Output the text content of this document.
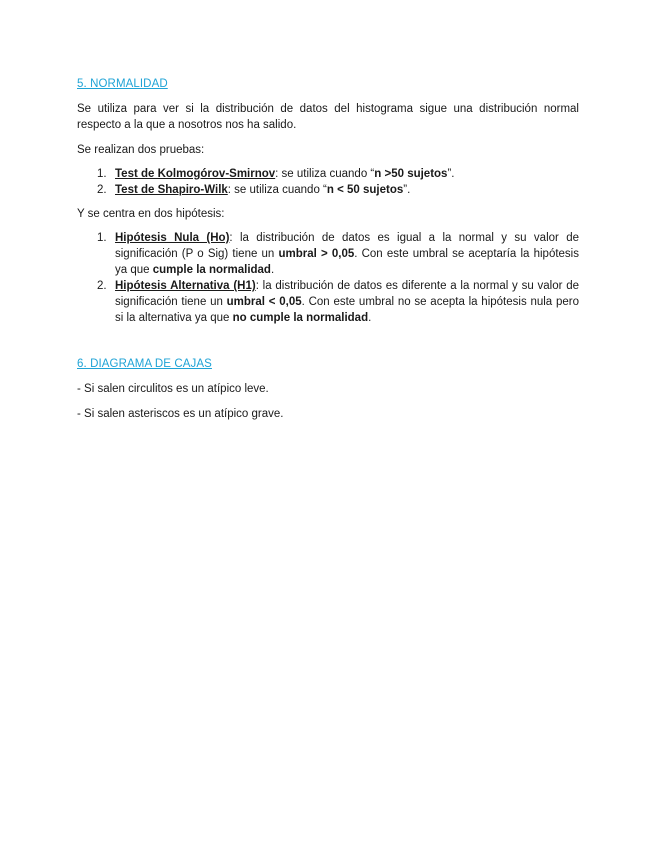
5. NORMALIDAD

Se utiliza para ver si la distribución de datos del histograma sigue una distribución normal respecto a la que a nosotros nos ha salido.

Se realizan dos pruebas:

1. Test de Kolmogórov-Smirnov: se utiliza cuando “n >50 sujetos”.
2. Test de Shapiro-Wilk: se utiliza cuando “n < 50 sujetos”.

Y se centra en dos hipótesis:

1. Hipótesis Nula (Ho): la distribución de datos es igual a la normal y su valor de significación (P o Sig) tiene un umbral > 0,05. Con este umbral se aceptaría la hipótesis ya que cumple la normalidad.
2. Hipótesis Alternativa (H1): la distribución de datos es diferente a la normal y su valor de significación tiene un umbral < 0,05. Con este umbral no se acepta la hipótesis nula pero si la alternativa ya que no cumple la normalidad.

6. DIAGRAMA DE CAJAS

- Si salen circulitos es un atípico leve.

- Si salen asteriscos es un atípico grave.
